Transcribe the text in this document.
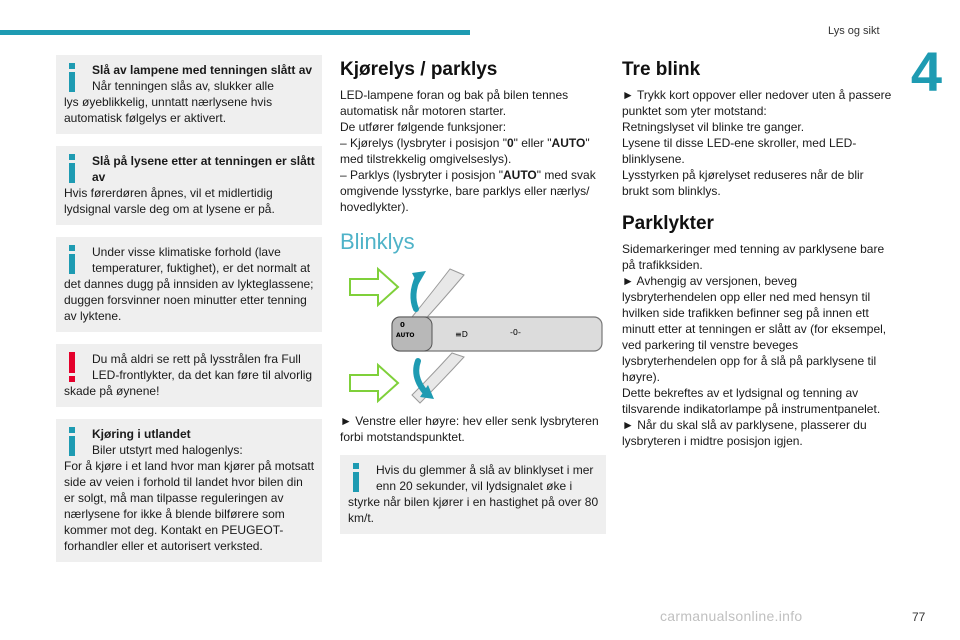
Lys og sikt
4
Slå av lampene med tenningen slått av
Når tenningen slås av, slukker alle
lys øyeblikkelig, unntatt nærlysene hvis automatisk følgelys er aktivert.
Slå på lysene etter at tenningen er slått av
Hvis førerdøren åpnes, vil et midlertidig lydsignal varsle deg om at lysene er på.
Under visse klimatiske forhold (lave temperaturer, fuktighet), er det normalt at
det dannes dugg på innsiden av lykteglassene; duggen forsvinner noen minutter etter tenning av lyktene.
Du må aldri se rett på lysstrålen fra Full LED-frontlykter, da det kan føre til alvorlig
skade på øynene!
Kjøring i utlandet
Biler utstyrt med halogenlys:
For å kjøre i et land hvor man kjører på motsatt side av veien i forhold til landet hvor bilen din er solgt, må man tilpasse reguleringen av nærlysene for ikke å blende bilførere som kommer mot deg. Kontakt en PEUGEOT-forhandler eller et autorisert verksted.
Kjørelys / parklys

LED-lampene foran og bak på bilen tennes automatisk når motoren starter.

De utfører følgende funksjoner:

– Kjørelys (lysbryter i posisjon "0" eller "AUTO" med tilstrekkelig omgivelseslys).

– Parklys (lysbryter i posisjon "AUTO" med svak omgivende lysstyrke, bare parklys eller nærlys/ hovedlykter).

Blinklys
0
AUTO	≡D	-0-

► Venstre eller høyre: hev eller senk lysbryteren forbi motstandspunktet.

Hvis du glemmer å slå av blinklyset i mer enn 20 sekunder, vil lydsignalet øke i
styrke når bilen kjører i en hastighet på over 80 km/t.
Tre blink

► Trykk kort oppover eller nedover uten å passere punktet som yter motstand:

Retningslyset vil blinke tre ganger.

Lysene til disse LED-ene skroller, med LED-blinklysene.

Lysstyrken på kjørelyset reduseres når de blir brukt som blinklys.

Parklykter

Sidemarkeringer med tenning av parklysene bare på trafikksiden.

► Avhengig av versjonen, beveg lysbryterhendelen opp eller ned med hensyn til hvilken side trafikken befinner seg på innen ett minutt etter at tenningen er slått av (for eksempel, ved parkering til venstre beveges lysbryterhendelen opp for å slå på parklysene til høyre).

Dette bekreftes av et lydsignal og tenning av tilsvarende indikatorlampe på instrumentpanelet.

► Når du skal slå av parklysene, plasserer du lysbryteren i midtre posisjon igjen.

carmanualsonline.info	77
